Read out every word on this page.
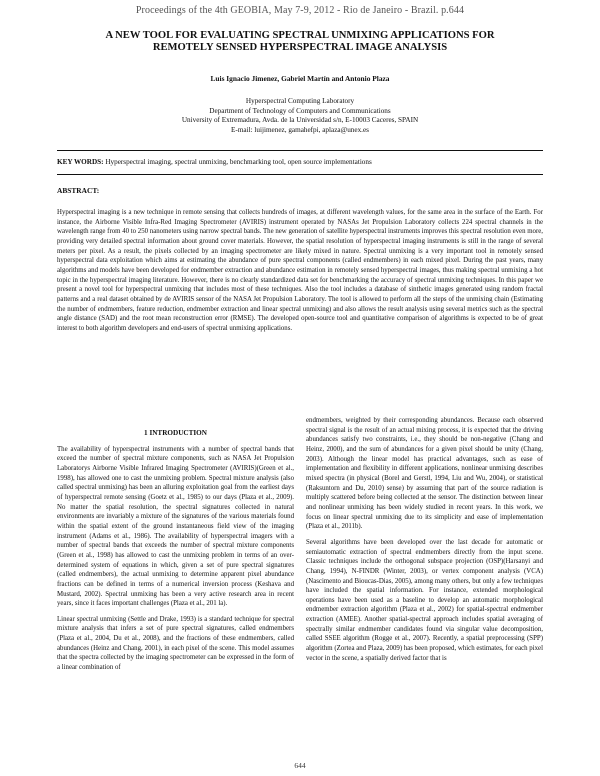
Proceedings of the 4th GEOBIA, May 7-9, 2012 - Rio de Janeiro - Brazil. p.644
A NEW TOOL FOR EVALUATING SPECTRAL UNMIXING APPLICATIONS FOR
REMOTELY SENSED HYPERSPECTRAL IMAGE ANALYSIS
Luis Ignacio Jimenez, Gabriel Martín and Antonio Plaza
Hyperspectral Computing Laboratory
Department of Technology of Computers and Communications
University of Extremadura, Avda. de la Universidad s/n, E-10003 Caceres, SPAIN
E-mail: luijimenez, gamahefpi, aplaza@unex.es
KEY WORDS: Hyperspectral imaging, spectral unmixing, benchmarking tool, open source implementations
ABSTRACT:

Hyperspectral imaging is a new technique in remote sensing that collects hundreds of images, at different wavelength values, for the same area in the surface of the Earth. For instance, the Airborne Visible Infra-Red Imaging Spectrometer (AVIRIS) instrument operated by NASAs Jet Propulsion Laboratory collects 224 spectral channels in the wavelength range from 40 to 250 nanometers using narrow spectral bands. The new generation of satellite hyperspectral instruments improves this spectral resolution even more, providing very detailed spectral information about ground cover materials. However, the spatial resolution of hyperspectral imaging instruments is still in the range of several meters per pixel. As a result, the pixels collected by an imaging spectrometer are likely mixed in nature. Spectral unmixing is a very important tool in remotely sensed hyperspectral data exploitation which aims at estimating the abundance of pure spectral components (called endmembers) in each mixed pixel. During the past years, many algorithms and models have been developed for endmember extraction and abundance estimation in remotely sensed hyperspectral images, thus making spectral unmixing a hot topic in the hyperspectral imaging literature. However, there is no clearly standardized data set for benchmarking the accuracy of spectral unmixing techniques. In this paper we present a novel tool for hyperspectral unmixing that includes most of these techniques. Also the tool includes a database of sinthetic images generated using random fractal patterns and a real dataset obtained by de AVIRIS sensor of the NASA Jet Propulsion Laboratory. The tool is allowed to perform all the steps of the unmixing chain (Estimating the number of endmembers, feature reduction, endmember extraction and linear spectral unmixing) and also allows the result analysis using several metrics such as the spectral angle distance (SAD) and the root mean reconstruction error (RMSE). The developed open-source tool and quantitative comparison of algorithms is expected to be of great interest to both algorithm developers and end-users of spectral unmixing applications.

1 INTRODUCTION

The availability of hyperspectral instruments with a number of spectral bands that exceed the number of spectral mixture components, such as NASA Jet Propulsion Laboratorys Airborne Visible Infrared Imaging Spectrometer (AVIRIS)(Green et al., 1998), has allowed one to cast the unmixing problem. Spectral mixture analysis (also called spectral unmixing) has been an alluring exploitation goal from the earliest days of hyperspectral remote sensing (Goetz et al., 1985) to our days (Plaza et al., 2009). No matter the spatial resolution, the spectral signatures collected in natural environments are invariably a mixture of the signatures of the various materials found within the spatial extent of the ground instantaneous field view of the imaging instrument (Adams et al., 1986). The availability of hyperspectral imagers with a number of spectral bands that exceeds the number of spectral mixture components (Green et al., 1998) has allowed to cast the unmixing problem in terms of an over-determined system of equations in which, given a set of pure spectral signatures (called endmembers), the actual unmixing to determine apparent pixel abundance fractions can be defined in terms of a numerical inversion process (Keshava and Mustard, 2002). Spectral unmixing has been a very active research area in recent years, since it faces important challenges (Plaza et al., 201 la).

Linear spectral unmixing (Settle and Drake, 1993) is a standard technique for spectral mixture analysis that infers a set of pure spectral signatures, called endmembers (Plaza et al., 2004, Du et al., 2008), and the fractions of these endmembers, called abundances (Heinz and Chang, 2001), in each pixel of the scene. This model assumes that the spectra collected by the imaging spectrometer can be expressed in the form of a linear combination of

endmembers, weighted by their corresponding abundances. Because each observed spectral signal is the result of an actual mixing process, it is expected that the driving abundances satisfy two constraints, i.e., they should be non-negative (Chang and Heinz, 2000), and the sum of abundances for a given pixel should be unity (Chang, 2003). Although the linear model has practical advantages, such as ease of implementation and flexibility in different applications, nonlinear unmixing describes mixed spectra (in physical (Borel and Gerstl, 1994, Liu and Wu, 2004), or statistical (Raksuntorn and Du, 2010) sense) by assuming that part of the source radiation is multiply scattered before being collected at the sensor. The distinction between linear and nonlinear unmixing has been widely studied in recent years. In this work, we focus on linear spectral unmixing due to its simplicity and ease of implementation (Plaza et al., 2011b).

Several algorithms have been developed over the last decade for automatic or semiautomatic extraction of spectral endmembers directly from the input scene. Classic techniques include the orthogonal subspace projection (OSP)(Harsanyi and Chang, 1994), N-FINDR (Winter, 2003), or vertex component analysis (VCA) (Nascimento and Bioucas-Dias, 2005), among many others, but only a few techniques have included the spatial information. For instance, extended morphological operations have been used as a baseline to develop an automatic morphological endmember extraction algorithm (Plaza et al., 2002) for spatial-spectral endmember extraction (AMEE). Another spatial-spectral approach includes spatial averaging of spectrally similar endmember candidates found via singular value decomposition, called SSEE algorithm (Rogge et al., 2007). Recently, a spatial preprocessing (SPP) algorithm (Zortea and Plaza, 2009) has been proposed, which estimates, for each pixel vector in the scene, a spatially derived factor that is

644
